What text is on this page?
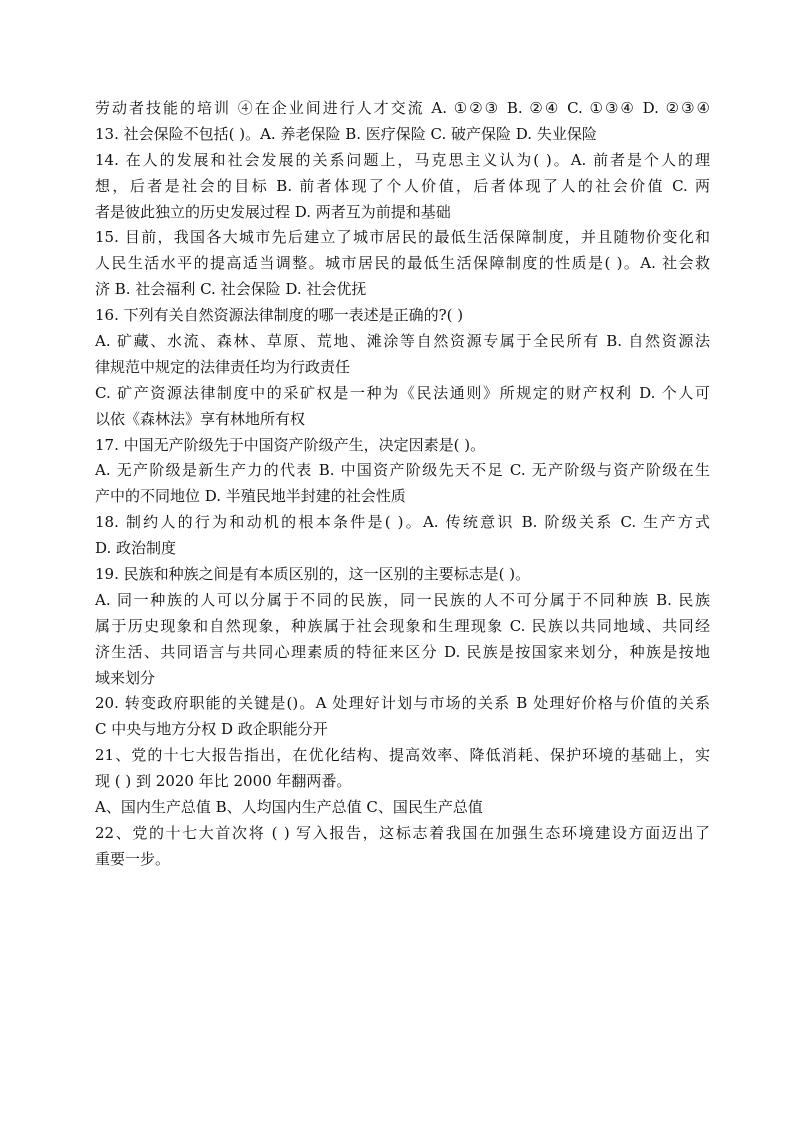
劳动者技能的培训 ④在企业间进行人才交流 A. ①②③ B. ②④ C. ①③④ D. ②③④
13. 社会保险不包括( )。A. 养老保险 B. 医疗保险 C. 破产保险 D. 失业保险
14. 在人的发展和社会发展的关系问题上，马克思主义认为( )。A. 前者是个人的理
想，后者是社会的目标 B. 前者体现了个人价值，后者体现了人的社会价值 C. 两
者是彼此独立的历史发展过程 D. 两者互为前提和基础
15. 目前，我国各大城市先后建立了城市居民的最低生活保障制度，并且随物价变化和
人民生活水平的提高适当调整。城市居民的最低生活保障制度的性质是( )。A. 社会救
济 B. 社会福利 C. 社会保险 D. 社会优抚
16. 下列有关自然资源法律制度的哪一表述是正确的?( )
A. 矿藏、水流、森林、草原、荒地、滩涂等自然资源专属于全民所有 B. 自然资源法
律规范中规定的法律责任均为行政责任
C. 矿产资源法律制度中的采矿权是一种为《民法通则》所规定的财产权利 D. 个人可
以依《森林法》享有林地所有权
17. 中国无产阶级先于中国资产阶级产生，决定因素是( )。
A. 无产阶级是新生产力的代表 B. 中国资产阶级先天不足 C. 无产阶级与资产阶级在生
产中的不同地位 D. 半殖民地半封建的社会性质
18. 制约人的行为和动机的根本条件是( )。A. 传统意识 B. 阶级关系 C. 生产方式
D. 政治制度
19. 民族和种族之间是有本质区别的，这一区别的主要标志是( )。
A. 同一种族的人可以分属于不同的民族，同一民族的人不可分属于不同种族 B. 民族
属于历史现象和自然现象，种族属于社会现象和生理现象 C. 民族以共同地域、共同经
济生活、共同语言与共同心理素质的特征来区分 D. 民族是按国家来划分，种族是按地
域来划分
20. 转变政府职能的关键是()。A 处理好计划与市场的关系 B 处理好价格与价值的关系
C 中央与地方分权 D 政企职能分开
21、党的十七大报告指出，在优化结构、提高效率、降低消耗、保护环境的基础上，实
现 ( ) 到 2020 年比 2000 年翻两番。
A、国内生产总值 B、人均国内生产总值 C、国民生产总值
22、党的十七大首次将 ( ) 写入报告，这标志着我国在加强生态环境建设方面迈出了
重要一步。
